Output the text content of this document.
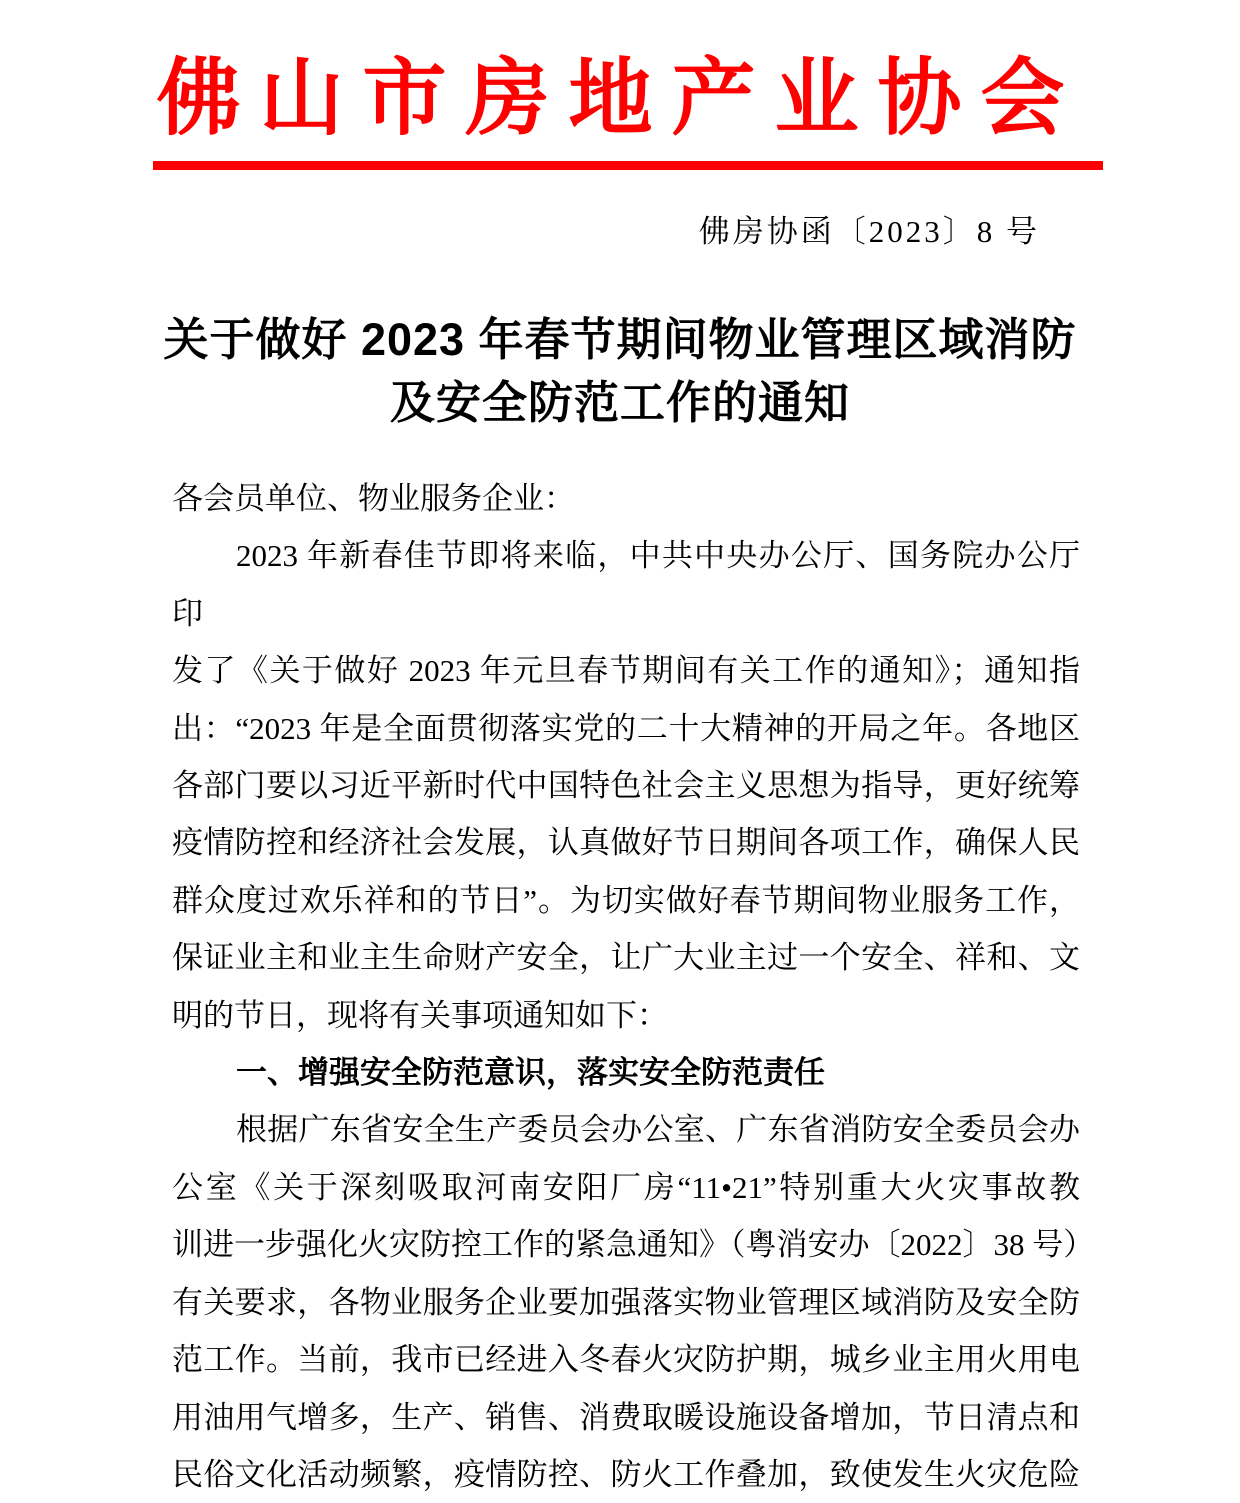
佛山市房地产业协会
佛房协函〔2023〕8 号
关于做好 2023 年春节期间物业管理区域消防
及安全防范工作的通知
各会员单位、物业服务企业：
2023 年新春佳节即将来临，中共中央办公厅、国务院办公厅印
发了《关于做好 2023 年元旦春节期间有关工作的通知》；通知指
出：“2023 年是全面贯彻落实党的二十大精神的开局之年。各地区
各部门要以习近平新时代中国特色社会主义思想为指导，更好统筹
疫情防控和经济社会发展，认真做好节日期间各项工作，确保人民
群众度过欢乐祥和的节日”。为切实做好春节期间物业服务工作，
保证业主和业主生命财产安全，让广大业主过一个安全、祥和、文
明的节日，现将有关事项通知如下：
一、增强安全防范意识，落实安全防范责任
根据广东省安全生产委员会办公室、广东省消防安全委员会办
公室《关于深刻吸取河南安阳厂房“11•21”特别重大火灾事故教
训进一步强化火灾防控工作的紧急通知》（粤消安办〔2022〕38 号）
有关要求，各物业服务企业要加强落实物业管理区域消防及安全防
范工作。当前，我市已经进入冬春火灾防护期，城乡业主用火用电
用油用气增多，生产、销售、消费取暖设施设备增加，节日清点和
民俗文化活动频繁，疫情防控、防火工作叠加，致使发生火灾危险
